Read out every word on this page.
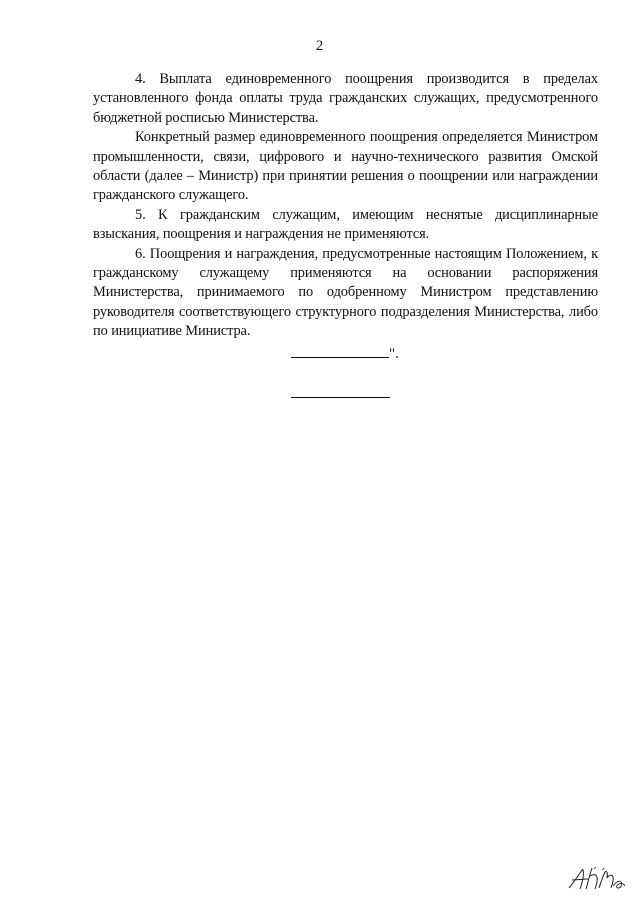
2

4. Выплата единовременного поощрения производится в пределах установленного фонда оплаты труда гражданских служащих, предусмотренного бюджетной росписью Министерства.

Конкретный размер единовременного поощрения определяется Министром промышленности, связи, цифрового и научно-технического развития Омской области (далее – Министр) при принятии решения о поощрении или награждении гражданского служащего.

5. К гражданским служащим, имеющим неснятые дисциплинарные взыскания, поощрения и награждения не применяются.

6. Поощрения и награждения, предусмотренные настоящим Положением, к гражданскому служащему применяются на основании распоряжения Министерства, принимаемого по одобренному Министром представлению руководителя соответствующего структурного подразделения Министерства, либо по инициативе Министра.

".
